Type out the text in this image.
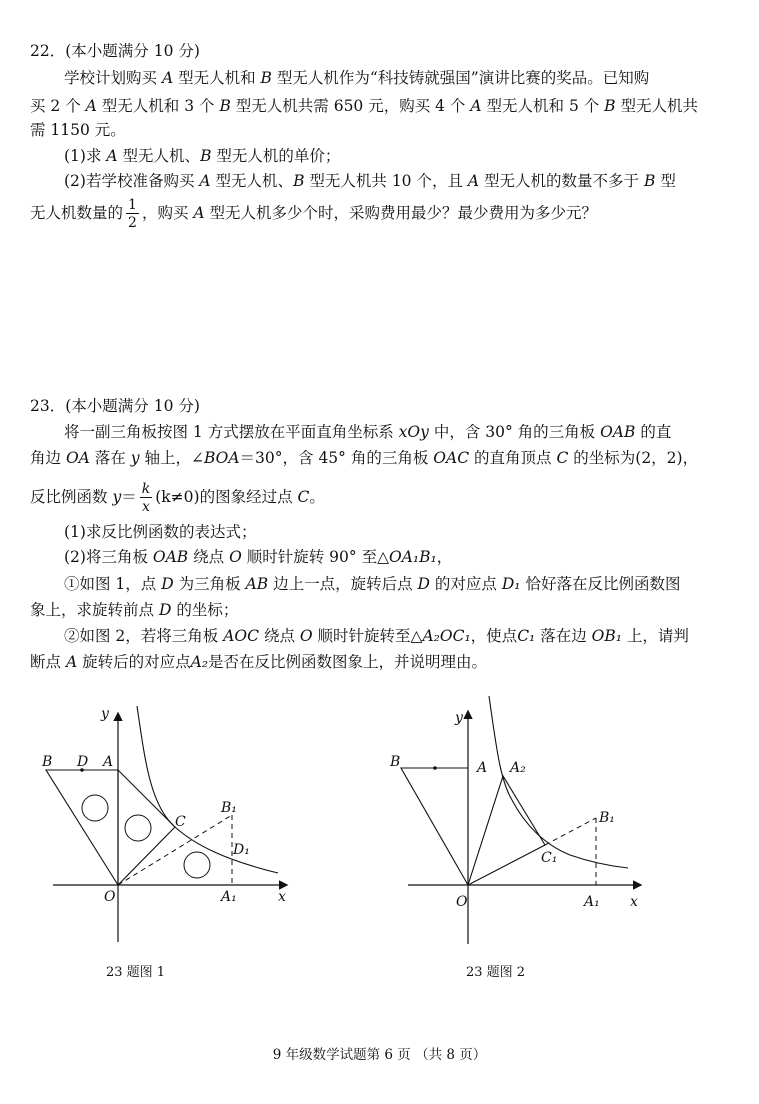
22．(本小题满分 10 分)
学校计划购买 A 型无人机和 B 型无人机作为“科技铸就强国”演讲比赛的奖品。已知购
买 2 个 A 型无人机和 3 个 B 型无人机共需 650 元，购买 4 个 A 型无人机和 5 个 B 型无人机共
需 1150 元。
(1)求 A 型无人机、B 型无人机的单价；
(2)若学校准备购买 A 型无人机、B 型无人机共 10 个，且 A 型无人机的数量不多于 B 型
无人机数量的 $\frac{1}{2}$ ，购买 A 型无人机多少个时，采购费用最少？最少费用为多少元？
23．(本小题满分 10 分)
将一副三角板按图 1 方式摆放在平面直角坐标系 xOy 中，含 30° 角的三角板 OAB 的直
角边 OA 落在 y 轴上，∠BOA＝30°，含 45° 角的三角板 OAC 的直角顶点 C 的坐标为(2，2)，
反比例函数 $y= \frac{k}{x} (k\ne 0)$的图象经过点 C。
(1)求反比例函数的表达式；
(2)将三角板 OAB 绕点 O 顺时针旋转 90° 至△OA₁B₁，
①如图 1，点 D 为三角板 AB 边上一点，旋转后点 D 的对应点 D₁ 恰好落在反比例函数图
象上，求旋转前点 D 的坐标；
②如图 2，若将三角板 AOC 绕点 O 顺时针旋转至△A₂OC₁，使点C₁ 落在边 OB₁ 上，请判
断点 A 旋转后的对应点A₂是否在反比例函数图象上，并说明理由。
y
x
O
B D A
C
B₁
D₁
A₁
23 题图 1
y
x
O
B	A A₂
C₁
B₁
A₁
23 题图 2
9 年级数学试题第 6 页 （共 8 页）
